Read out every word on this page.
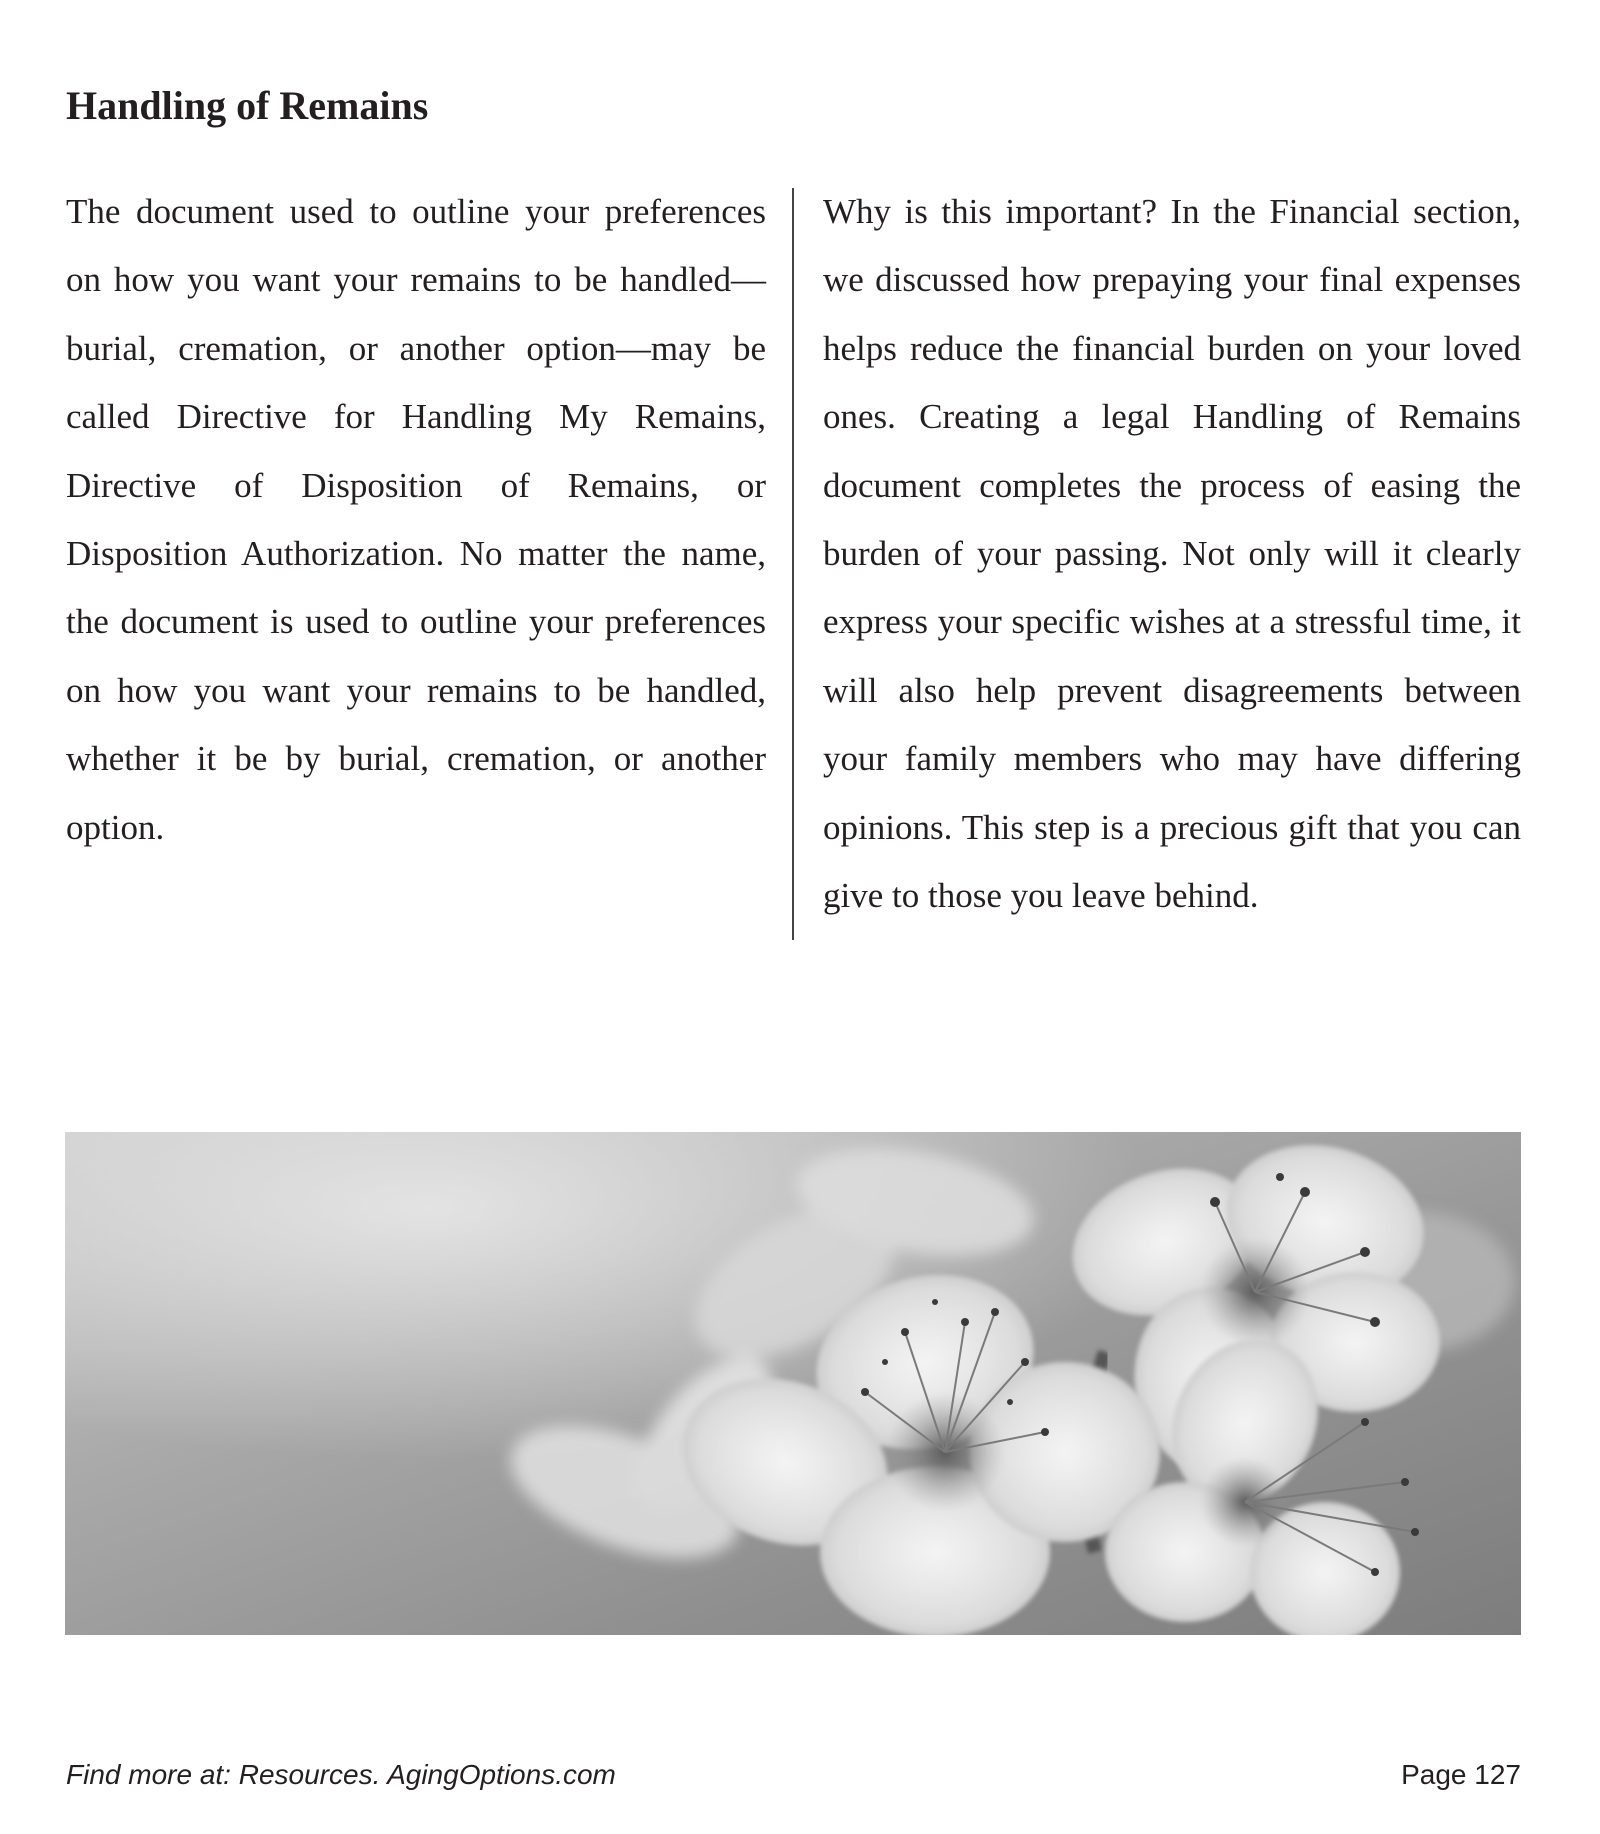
Handling of Remains

The document used to outline your preferences on how you want your remains to be handled—burial, cremation, or another option—may be called Directive for Handling My Remains, Directive of Disposition of Remains, or Disposition Authorization. No matter the name, the document is used to outline your preferences on how you want your remains to be handled, whether it be by burial, cremation, or another option.

Why is this important? In the Financial section, we discussed how prepaying your final expenses helps reduce the financial burden on your loved ones. Creating a legal Handling of Remains document completes the process of easing the burden of your passing. Not only will it clearly express your specific wishes at a stressful time, it will also help prevent disagreements between your family members who may have differing opinions. This step is a precious gift that you can give to those you leave behind.

Find more at: Resources. AgingOptions.com	Page 127
